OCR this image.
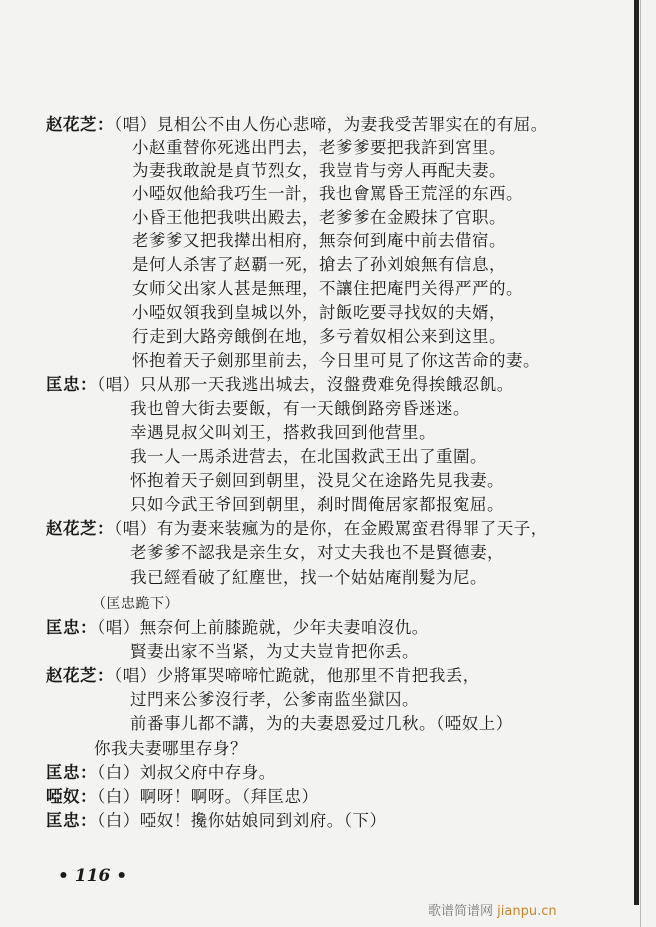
赵花芝：（唱）見相公不由人伤心悲啼，为妻我受苦罪实在的有屈。
小赵重替你死逃出門去，老爹爹要把我許到宮里。
为妻我敢說是貞节烈女，我豈肯与旁人再配夫妻。
小啞奴他給我巧生一計，我也會罵昏王荒淫的东西。
小昏王他把我哄出殿去，老爹爹在金殿抹了官职。
老爹爹又把我撵出相府，無奈何到庵中前去借宿。
是何人杀害了赵覇一死，搶去了孙刘娘無有信息，
女师父出家人甚是無理，不讓住把庵門关得严严的。
小啞奴領我到皇城以外，討飯吃要寻找奴的夫婿，
行走到大路旁餓倒在地，多亏着奴相公来到这里。
怀抱着天子劍那里前去，今日里可見了你这苦命的妻。
匡忠：（唱）只从那一天我逃出城去，沒盤费难免得挨餓忍飢。
我也曾大街去要飯，有一天餓倒路旁昏迷迷。
幸遇見叔父叫刘王，搭救我回到他营里。
我一人一馬杀进营去，在北国救武王出了重圍。
怀抱着天子劍回到朝里，没見父在途路先見我妻。
只如今武王爷回到朝里，刹时間俺居家都报寃屈。
赵花芝：（唱）有为妻来装瘋为的是你，在金殿罵蛮君得罪了天子，
老爹爹不認我是亲生女，对丈夫我也不是賢德妻，
我已經看破了紅塵世，找一个姑姑庵削髮为尼。
（匡忠跪下）
匡忠：（唱）無奈何上前膝跪就，少年夫妻咱沒仇。
賢妻出家不当紧，为丈夫豈肯把你丢。
赵花芝：（唱）少將軍哭啼啼忙跪就，他那里不肯把我丢，
过門来公爹沒行孝，公爹南监坐獄囚。
前番事儿都不講，为的夫妻恩爱过几秋。（啞奴上）
你我夫妻哪里存身？
匡忠：（白）刘叔父府中存身。
啞奴：（白）啊呀！啊呀。（拜匡忠）
匡忠：（白）啞奴！攙你姑娘同到刘府。（下）
• 116 •
歌谱简谱网 jianpu.cn
